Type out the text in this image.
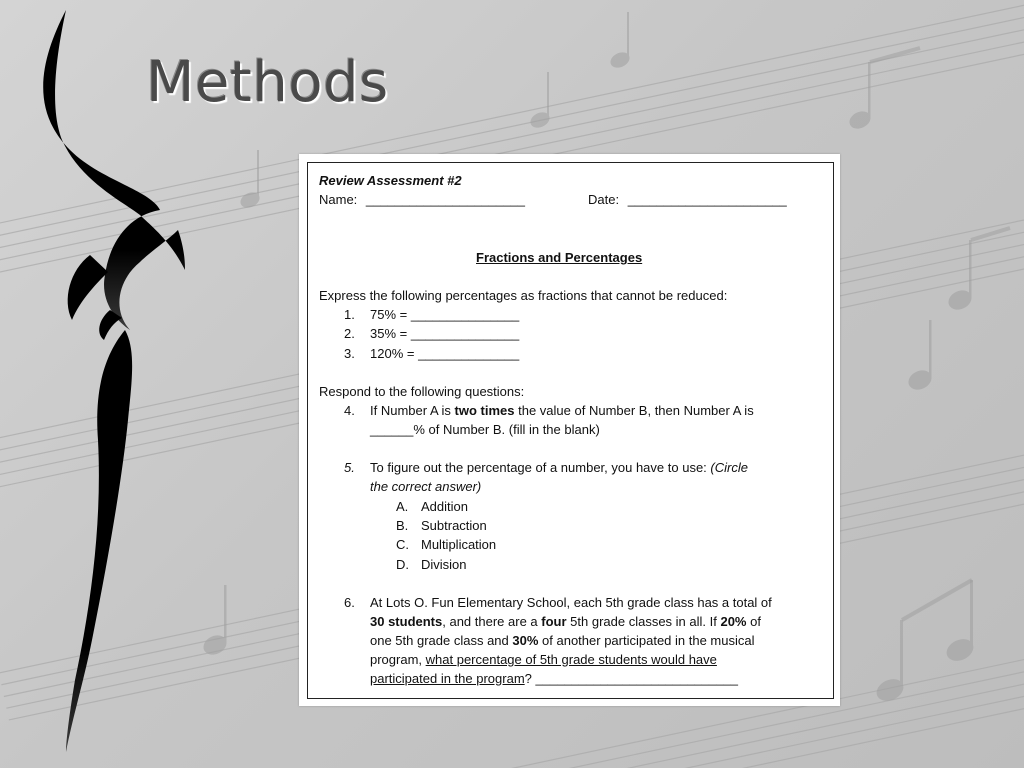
Methods
Review Assessment #2
Name: ______________________	Date: ______________________
Fractions and Percentages
Express the following percentages as fractions that cannot be reduced:
1. 75% = _______________
2. 35% = _______________
3. 120% = ______________
Respond to the following questions:
4. If Number A is two times the value of Number B, then Number A is
______% of Number B. (fill in the blank)
5. To figure out the percentage of a number, you have to use: (Circle
the correct answer)
A. Addition
B. Subtraction
C. Multiplication
D. Division
6. At Lots O. Fun Elementary School, each 5th grade class has a total of
30 students, and there are a four 5th grade classes in all. If 20% of
one 5th grade class and 30% of another participated in the musical
program, what percentage of 5th grade students would have
participated in the program? ____________________________
